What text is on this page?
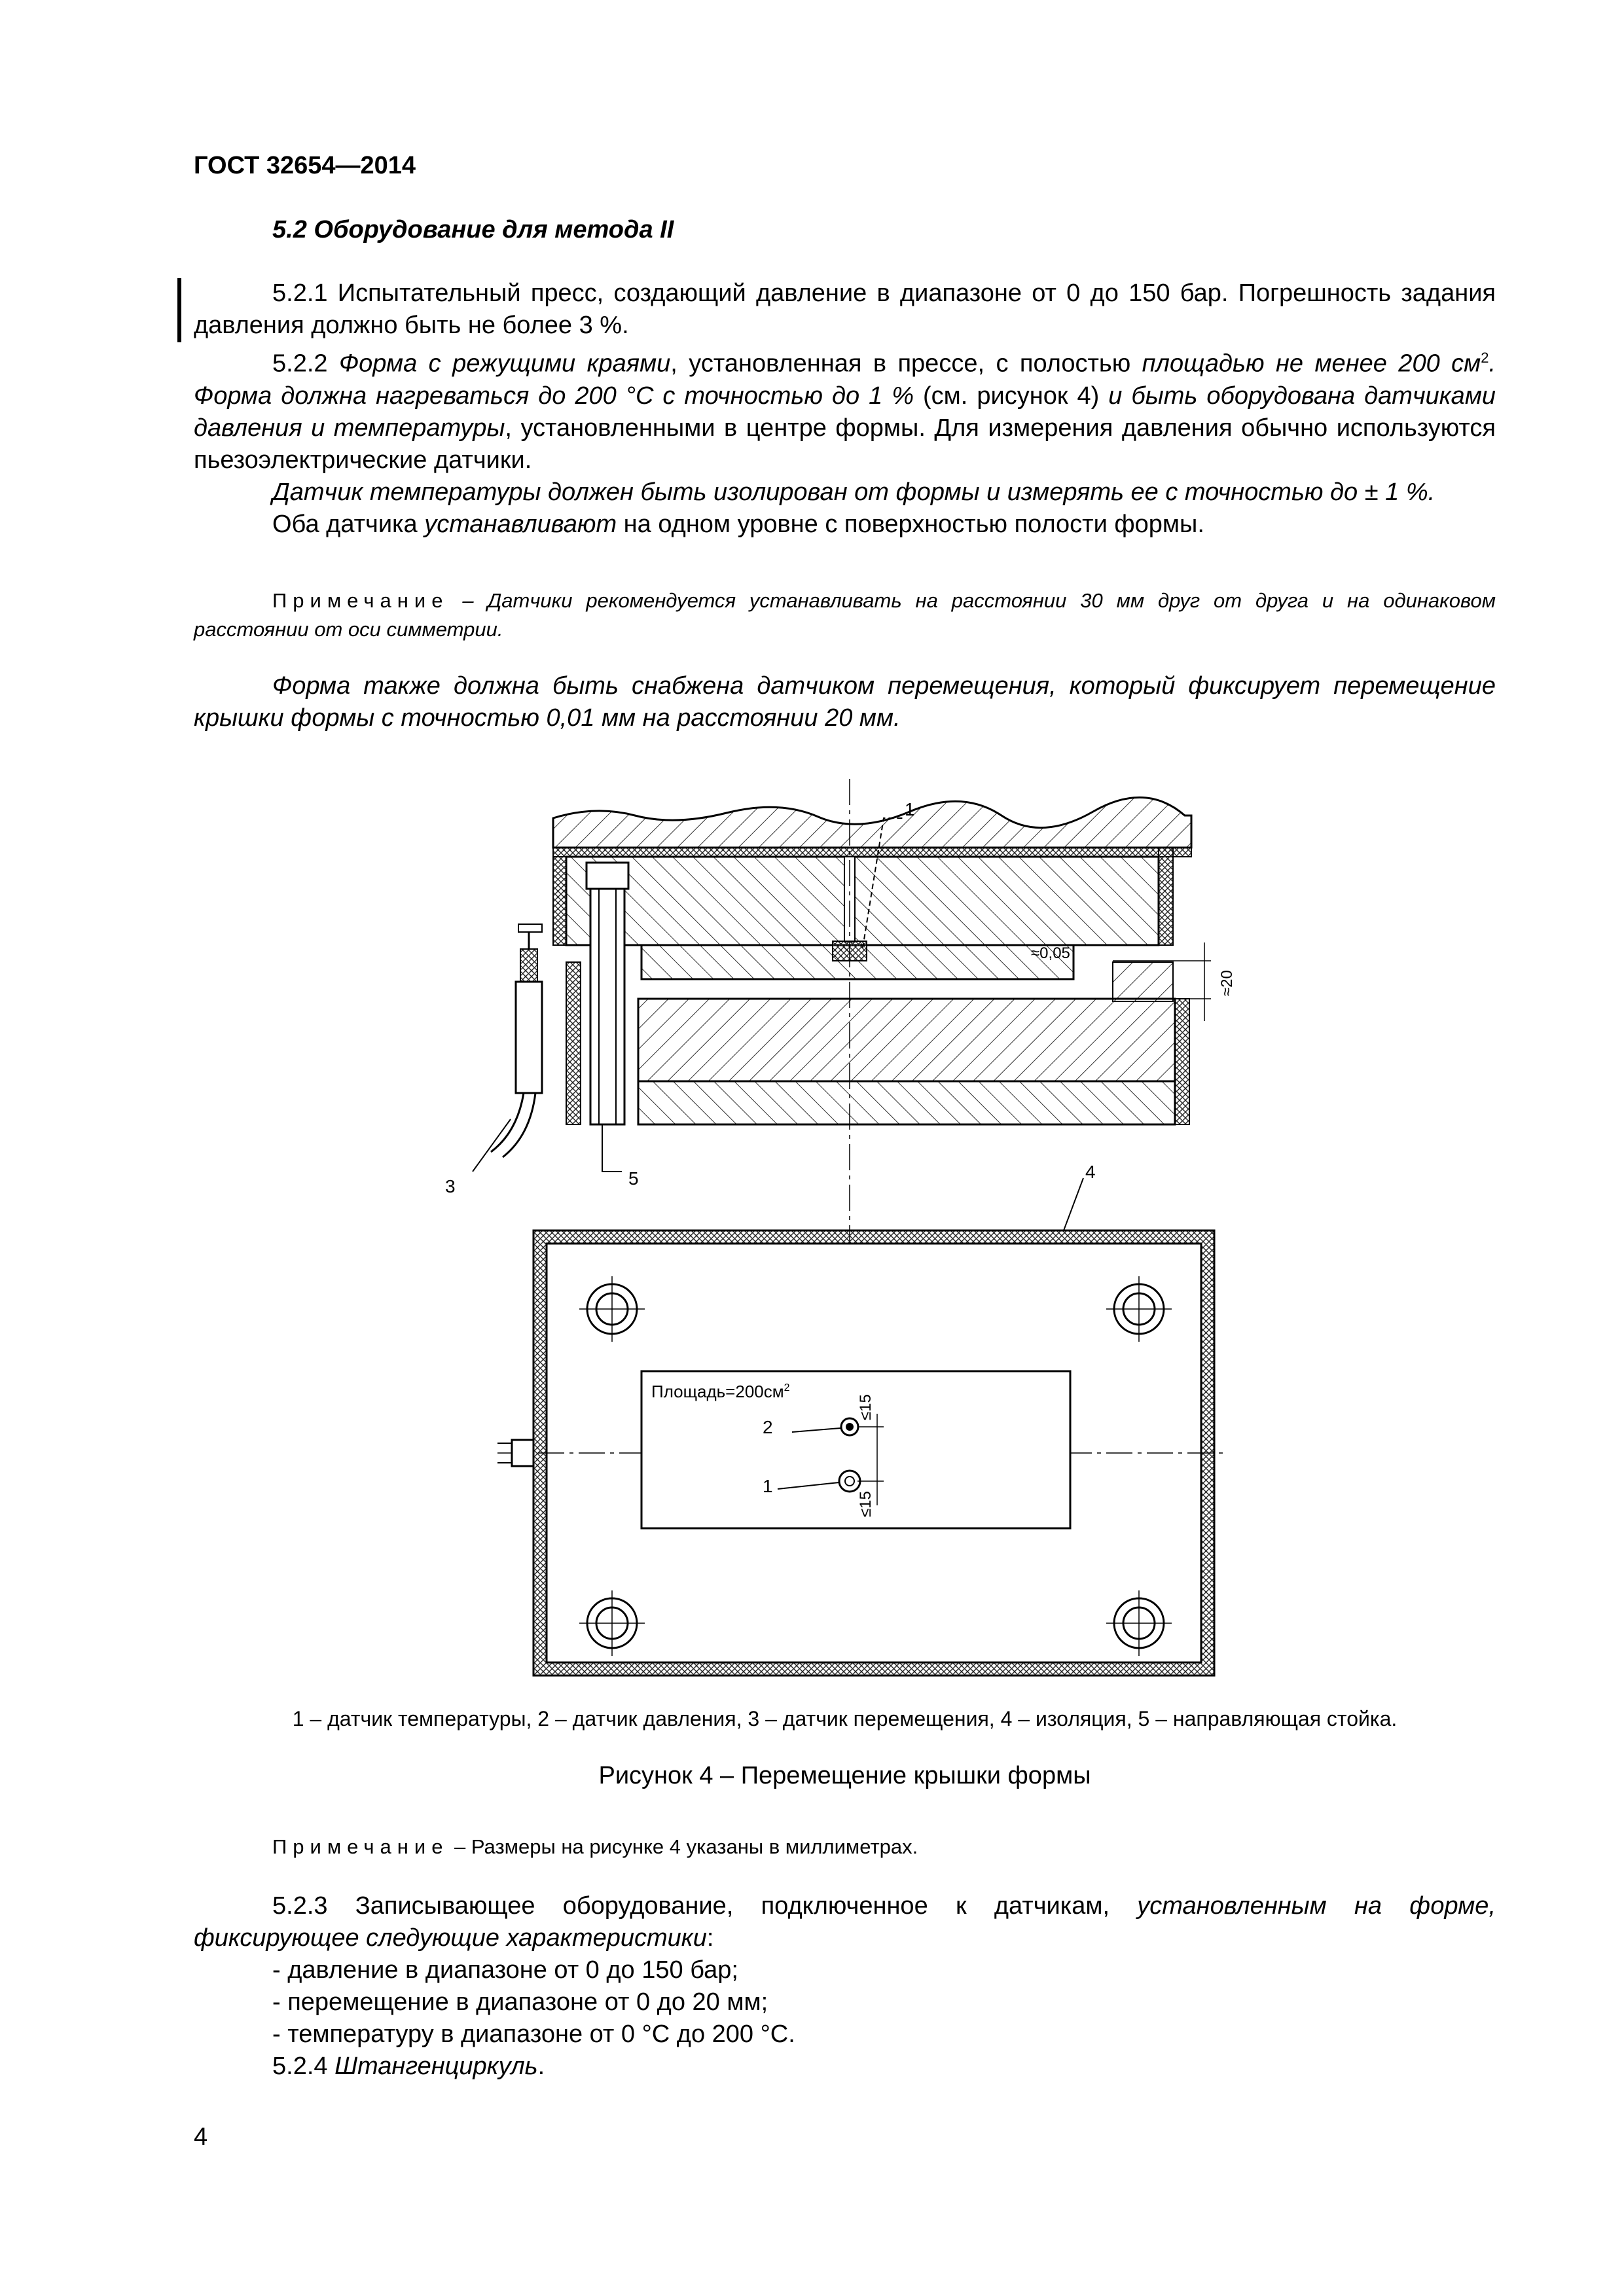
ГОСТ 32654—2014
5.2 Оборудование для метода II

5.2.1 Испытательный пресс, создающий давление в диапазоне от 0 до 150 бар. Погрешность задания давления должно быть не более 3 %.

5.2.2 Форма с режущими краями, установленная в прессе, с полостью площадью не менее 200 $см^2$. Форма должна нагреваться до 200 °С с точностью до 1 % (см. рисунок 4) и быть оборудована датчиками давления и температуры, установленными в центре формы. Для измерения давления обычно используются пьезоэлектрические датчики.

Датчик температуры должен быть изолирован от формы и измерять ее с точностью до ± 1 %.

Оба датчика устанавливают на одном уровне с поверхностью полости формы.

Примечание – Датчики рекомендуется устанавливать на расстоянии 30 мм друг от друга и на одинаковом расстоянии от оси симметрии.

Форма также должна быть снабжена датчиком перемещения, который фиксирует перемещение крышки формы с точностью 0,01 мм на расстоянии 20 мм.

≈20
≈0,05
1
3	5	4
$Площадь=200см^2$
2
1
≤15
≤15
1 – датчик температуры, 2 – датчик давления, 3 – датчик перемещения, 4 – изоляция, 5 – направляющая стойка.
Рисунок 4 – Перемещение крышки формы

Примечание – Размеры на рисунке 4 указаны в миллиметрах.

5.2.3 Записывающее оборудование, подключенное к датчикам, установленным на форме, фиксирующее следующие характеристики:

- давление в диапазоне от 0 до 150 бар;

- перемещение в диапазоне от 0 до 20 мм;

- температуру в диапазоне от 0 °С до 200 °С.

5.2.4 Штангенциркуль.

4
